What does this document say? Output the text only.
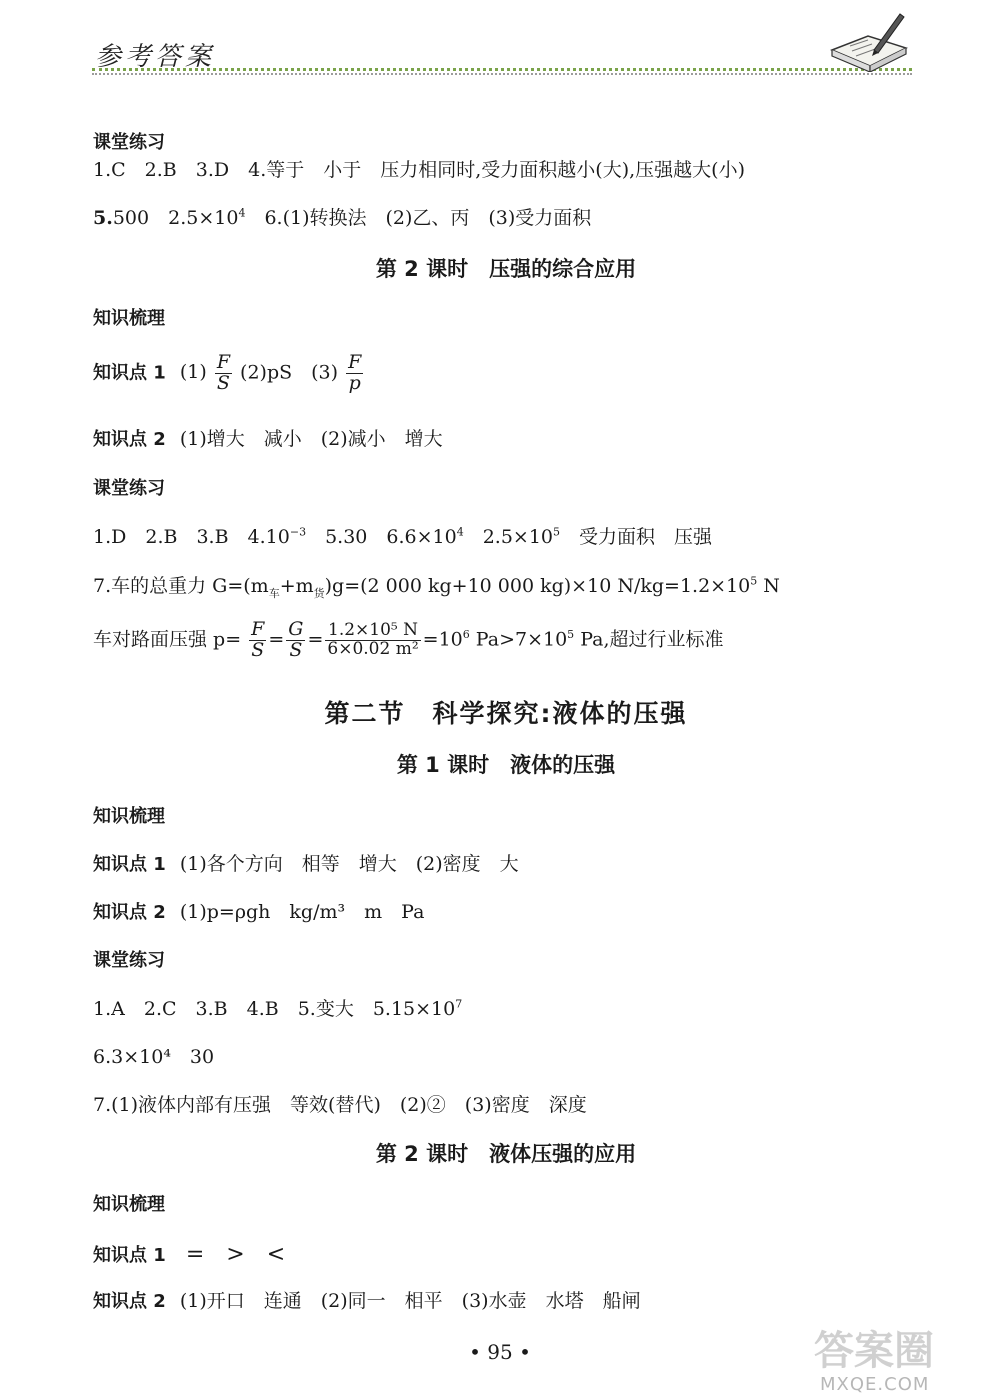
参考答案
课堂练习
1.C　2.B　3.D　4.等于　小于　压力相同时,受力面积越小(大),压强越大(小)
5.500　$2.5\times 10^4$　6.(1)转换法　(2)乙、丙　(3)受力面积
第 2 课时　压强的综合应用
知识梳理
知识点 1 $(1) \frac{F}{S} (2)pS$　$(3) \frac{F}{p}$
知识点 2 (1)增大　减小　(2)减小　增大
课堂练习
1.D　2.B　3.B　$4.10^{-3}$　5.30　$6.6\times 10^4$　$2.5\times 10^5$　受力面积　压强
7.车的总重力 $G=(m_车+m_货)g=(2$ 000 kg+10 000 kg)×10 $N/kg=1.2\times 10^5$ N
车对路面压强 $p= \frac{F}{S} = \frac{G}{S} = \frac{\text{1.2×10⁵ N}}{\text{6×0.02 m²}} =10^6$ $Pa>7\times 10^5$ Pa,超过行业标准
第二节　科学探究:液体的压强
第 1 课时　液体的压强
知识梳理
知识点 1 (1)各个方向　相等　增大　(2)密度　大
知识点 2 (1)p=ρgh　kg/m³　m　Pa
课堂练习
1.A　2.C　3.B　4.B　5.变大　$5.15\times 10^7$
6.3×10⁴　30
7.(1)液体内部有压强　等效(替代)　(2)②　(3)密度　深度
第 2 课时　液体压强的应用
知识梳理
知识点 1 =　>　<
知识点 2 (1)开口　连通　(2)同一　相平　(3)水壶　水塔　船闸
• 95 •	答案圈
MXQE.COM
